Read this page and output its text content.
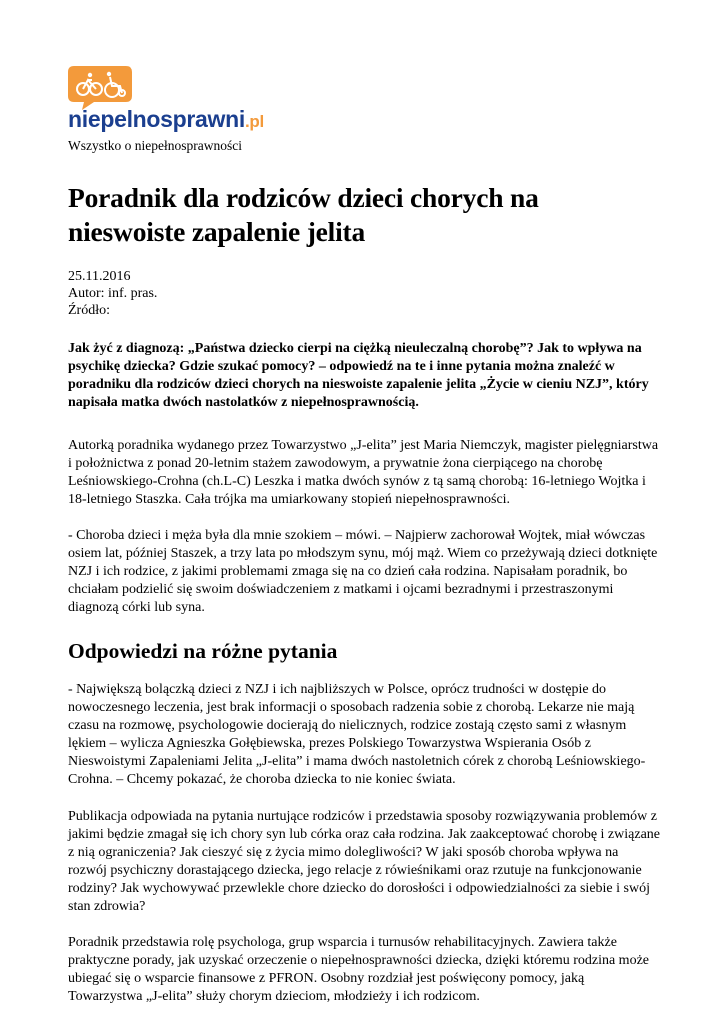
niepelnosprawni.pl
Wszystko o niepełnosprawności
Poradnik dla rodziców dzieci chorych na nieswoiste zapalenie jelita
25.11.2016
Autor: inf. pras.
Źródło:
Jak żyć z diagnozą: „Państwa dziecko cierpi na ciężką nieuleczalną chorobę”? Jak to wpływa na psychikę dziecka? Gdzie szukać pomocy? – odpowiedź na te i inne pytania można znaleźć w poradniku dla rodziców dzieci chorych na nieswoiste zapalenie jelita „Życie w cieniu NZJ”, który napisała matka dwóch nastolatków z niepełnosprawnością.

Autorką poradnika wydanego przez Towarzystwo „J-elita” jest Maria Niemczyk, magister pielęgniarstwa i położnictwa z ponad 20-letnim stażem zawodowym, a prywatnie żona cierpiącego na chorobę Leśniowskiego-Crohna (ch.L-C) Leszka i matka dwóch synów z tą samą chorobą: 16-letniego Wojtka i 18-letniego Staszka. Cała trójka ma umiarkowany stopień niepełnosprawności.

- Choroba dzieci i męża była dla mnie szokiem – mówi. – Najpierw zachorował Wojtek, miał wówczas osiem lat, później Staszek, a trzy lata po młodszym synu, mój mąż. Wiem co przeżywają dzieci dotknięte NZJ i ich rodzice, z jakimi problemami zmaga się na co dzień cała rodzina. Napisałam poradnik, bo chciałam podzielić się swoim doświadczeniem z matkami i ojcami bezradnymi i przestraszonymi diagnozą córki lub syna.

Odpowiedzi na różne pytania

- Największą bolączką dzieci z NZJ i ich najbliższych w Polsce, oprócz trudności w dostępie do nowoczesnego leczenia, jest brak informacji o sposobach radzenia sobie z chorobą. Lekarze nie mają czasu na rozmowę, psychologowie docierają do nielicznych, rodzice zostają często sami z własnym lękiem – wylicza Agnieszka Gołębiewska, prezes Polskiego Towarzystwa Wspierania Osób z Nieswoistymi Zapaleniami Jelita „J-elita” i mama dwóch nastoletnich córek z chorobą Leśniowskiego-Crohna. – Chcemy pokazać, że choroba dziecka to nie koniec świata.

Publikacja odpowiada na pytania nurtujące rodziców i przedstawia sposoby rozwiązywania problemów z jakimi będzie zmagał się ich chory syn lub córka oraz cała rodzina. Jak zaakceptować chorobę i związane z nią ograniczenia? Jak cieszyć się z życia mimo dolegliwości? W jaki sposób choroba wpływa na rozwój psychiczny dorastającego dziecka, jego relacje z rówieśnikami oraz rzutuje na funkcjonowanie rodziny? Jak wychowywać przewlekle chore dziecko do dorosłości i odpowiedzialności za siebie i swój stan zdrowia?

Poradnik przedstawia rolę psychologa, grup wsparcia i turnusów rehabilitacyjnych. Zawiera także praktyczne porady, jak uzyskać orzeczenie o niepełnosprawności dziecka, dzięki któremu rodzina może ubiegać się o wsparcie finansowe z PFRON. Osobny rozdział jest poświęcony pomocy, jaką Towarzystwa „J-elita” służy chorym dzieciom, młodzieży i ich rodzicom.
